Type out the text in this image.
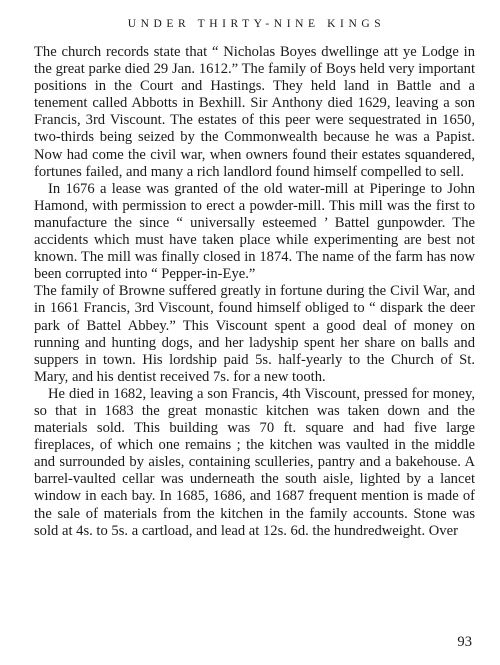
UNDER THIRTY-NINE KINGS

The church records state that “ Nicholas Boyes dwellinge att ye Lodge in the great parke died 29 Jan. 1612.” The family of Boys held very important positions in the Court and Hastings. They held land in Battle and a tenement called Abbotts in Bexhill. Sir Anthony died 1629, leaving a son Francis, 3rd Viscount. The estates of this peer were sequestrated in 1650, two-thirds being seized by the Commonwealth because he was a Papist. Now had come the civil war, when owners found their estates squandered, fortunes failed, and many a rich landlord found himself compelled to sell.

In 1676 a lease was granted of the old water-mill at Piperinge to John Hamond, with permission to erect a powder-mill. This mill was the first to manufacture the since “ universally esteemed ’ Battel gunpowder. The accidents which must have taken place while experimenting are best not known. The mill was finally closed in 1874. The name of the farm has now been corrupted into “ Pepper-in-Eye.”

The family of Browne suffered greatly in fortune during the Civil War, and in 1661 Francis, 3rd Viscount, found himself obliged to “ dispark the deer park of Battel Abbey.” This Viscount spent a good deal of money on running and hunting dogs, and her ladyship spent her share on balls and suppers in town. His lordship paid 5s. half-yearly to the Church of St. Mary, and his dentist received 7s. for a new tooth.

He died in 1682, leaving a son Francis, 4th Viscount, pressed for money, so that in 1683 the great monastic kitchen was taken down and the materials sold. This building was 70 ft. square and had five large fireplaces, of which one remains ; the kitchen was vaulted in the middle and surrounded by aisles, containing sculleries, pantry and a bakehouse. A barrel-vaulted cellar was underneath the south aisle, lighted by a lancet window in each bay. In 1685, 1686, and 1687 frequent mention is made of the sale of materials from the kitchen in the family accounts. Stone was sold at 4s. to 5s. a cartload, and lead at 12s. 6d. the hundredweight. Over

93
